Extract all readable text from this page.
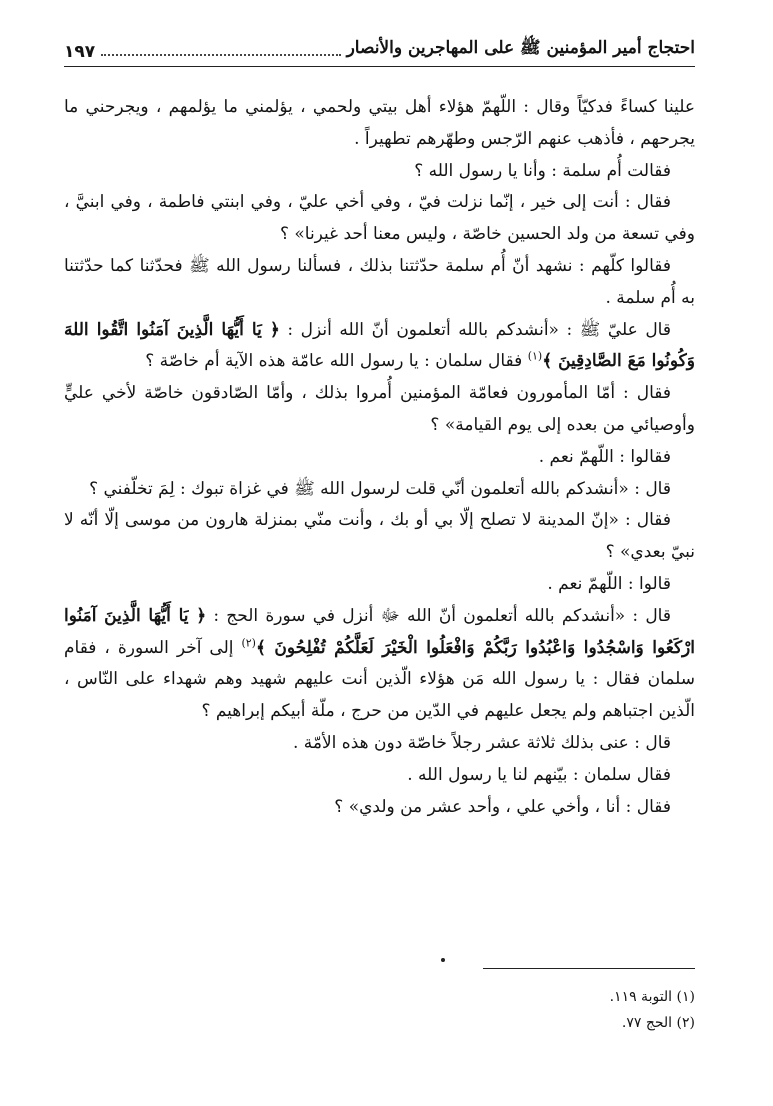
احتجاج أمير المؤمنين ﷺ على المهاجرين والأنصار
١٩٧

علينا كساءً فدكيّاً وقال : اللّهمّ هؤلاء أهل بيتي ولحمي ، يؤلمني ما يؤلمهم ، ويجرحني ما يجرحهم ، فأذهب عنهم الرّجس وطهّرهم تطهيراً .

فقالت أُم سلمة : وأنا يا رسول الله ؟

فقال : أنت إلى خير ، إنّما نزلت فيّ ، وفي أخي عليّ ، وفي ابنتي فاطمة ، وفي ابنيَّ ، وفي تسعة من ولد الحسين خاصّة ، وليس معنا أحد غيرنا» ؟

فقالوا كلّهم : نشهد أنّ أُم سلمة حدّثتنا بذلك ، فسألنا رسول الله ﷺ فحدّثنا كما حدّثتنا به أُم سلمة .

قال عليّ ﷺ : «أنشدكم بالله أتعلمون أنّ الله أنزل : ﴿ يَا أَيُّهَا الَّذِينَ آمَنُوا اتَّقُوا اللهَ وَكُونُوا مَعَ الصَّادِقِينَ ﴾$^{(١)}$ فقال سلمان : يا رسول الله عامّة هذه الآية أم خاصّة ؟

فقال : أمّا المأمورون فعامّة المؤمنين أُمروا بذلك ، وأمّا الصّادقون خاصّة لأخي عليٍّ وأوصيائي من بعده إلى يوم القيامة» ؟

فقالوا : اللّهمّ نعم .

قال : «أنشدكم بالله أتعلمون أنّي قلت لرسول الله ﷺ في غزاة تبوك : لِمَ تخلّفني ؟

فقال : «إنّ المدينة لا تصلح إلّا بي أو بك ، وأنت منّي بمنزلة هارون من موسى إلّا أنّه لا نبيّ بعدي» ؟

قالوا : اللّهمّ نعم .

قال : «أنشدكم بالله أتعلمون أنّ الله ﷻ أنزل في سورة الحج : ﴿ يَا أَيُّهَا الَّذِينَ آمَنُوا ارْكَعُوا وَاسْجُدُوا وَاعْبُدُوا رَبَّكُمْ وَافْعَلُوا الْخَيْرَ لَعَلَّكُمْ تُفْلِحُونَ ﴾$^{(٢)}$ إلى آخر السورة ، فقام سلمان فقال : يا رسول الله مَن هؤلاء الّذين أنت عليهم شهيد وهم شهداء على النّاس ، الّذين اجتباهم ولم يجعل عليهم في الدّين من حرج ، ملّة أبيكم إبراهيم ؟

قال : عنى بذلك ثلاثة عشر رجلاً خاصّة دون هذه الأمّة .

فقال سلمان : بيّنهم لنا يا رسول الله .

فقال : أنا ، وأخي علي ، وأحد عشر من ولدي» ؟

(١) التوبة ١١٩.
(٢) الحج ٧٧.
